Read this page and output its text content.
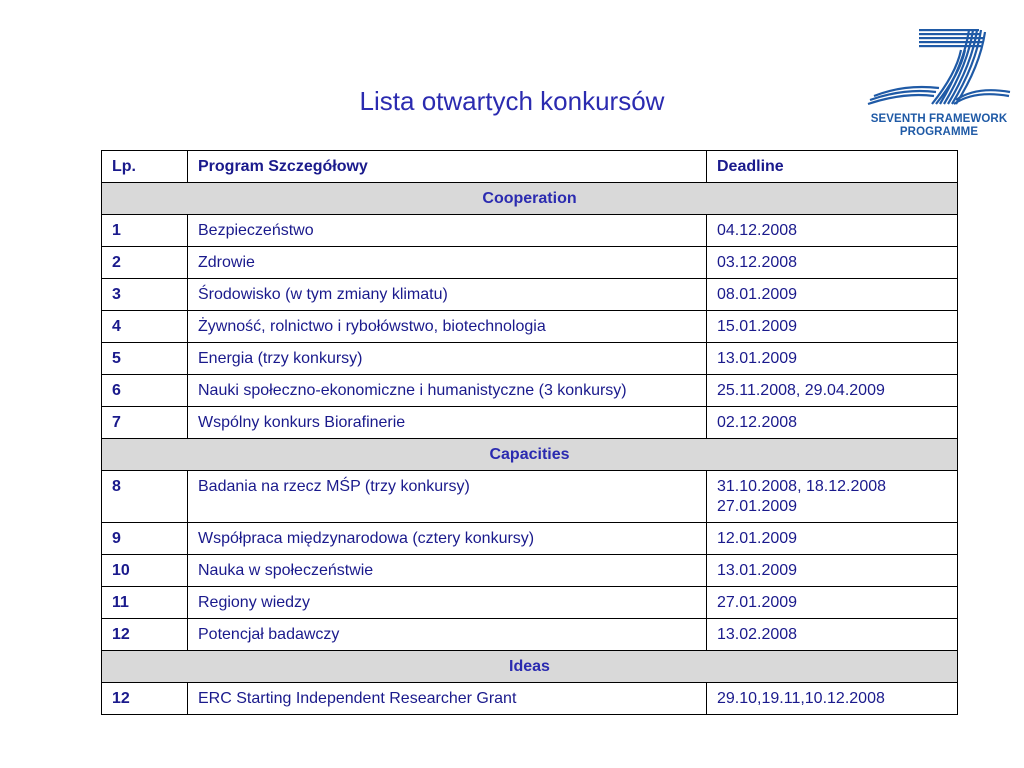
Lista otwartych konkursów
SEVENTH FRAMEWORK
PROGRAMME
Lp.	Program Szczegółowy	Deadline
Cooperation		
1	Bezpieczeństwo	04.12.2008
2	Zdrowie	03.12.2008
3	Środowisko (w tym zmiany klimatu)	08.01.2009
4	Żywność, rolnictwo i rybołówstwo, biotechnologia	15.01.2009
5	Energia (trzy konkursy)	13.01.2009
6	Nauki społeczno-ekonomiczne i humanistyczne (3 konkursy)	25.11.2008, 29.04.2009
7	Wspólny konkurs Biorafinerie	02.12.2008
Capacities		
8	Badania na rzecz MŚP (trzy konkursy)	31.10.2008, 18.12.2008 27.01.2009
9	Współpraca międzynarodowa (cztery konkursy)	12.01.2009
10	Nauka w społeczeństwie	13.01.2009
11	Regiony wiedzy	27.01.2009
12	Potencjał badawczy	13.02.2008
Ideas		
12	ERC Starting Independent Researcher Grant	29.10,19.11,10.12.2008
